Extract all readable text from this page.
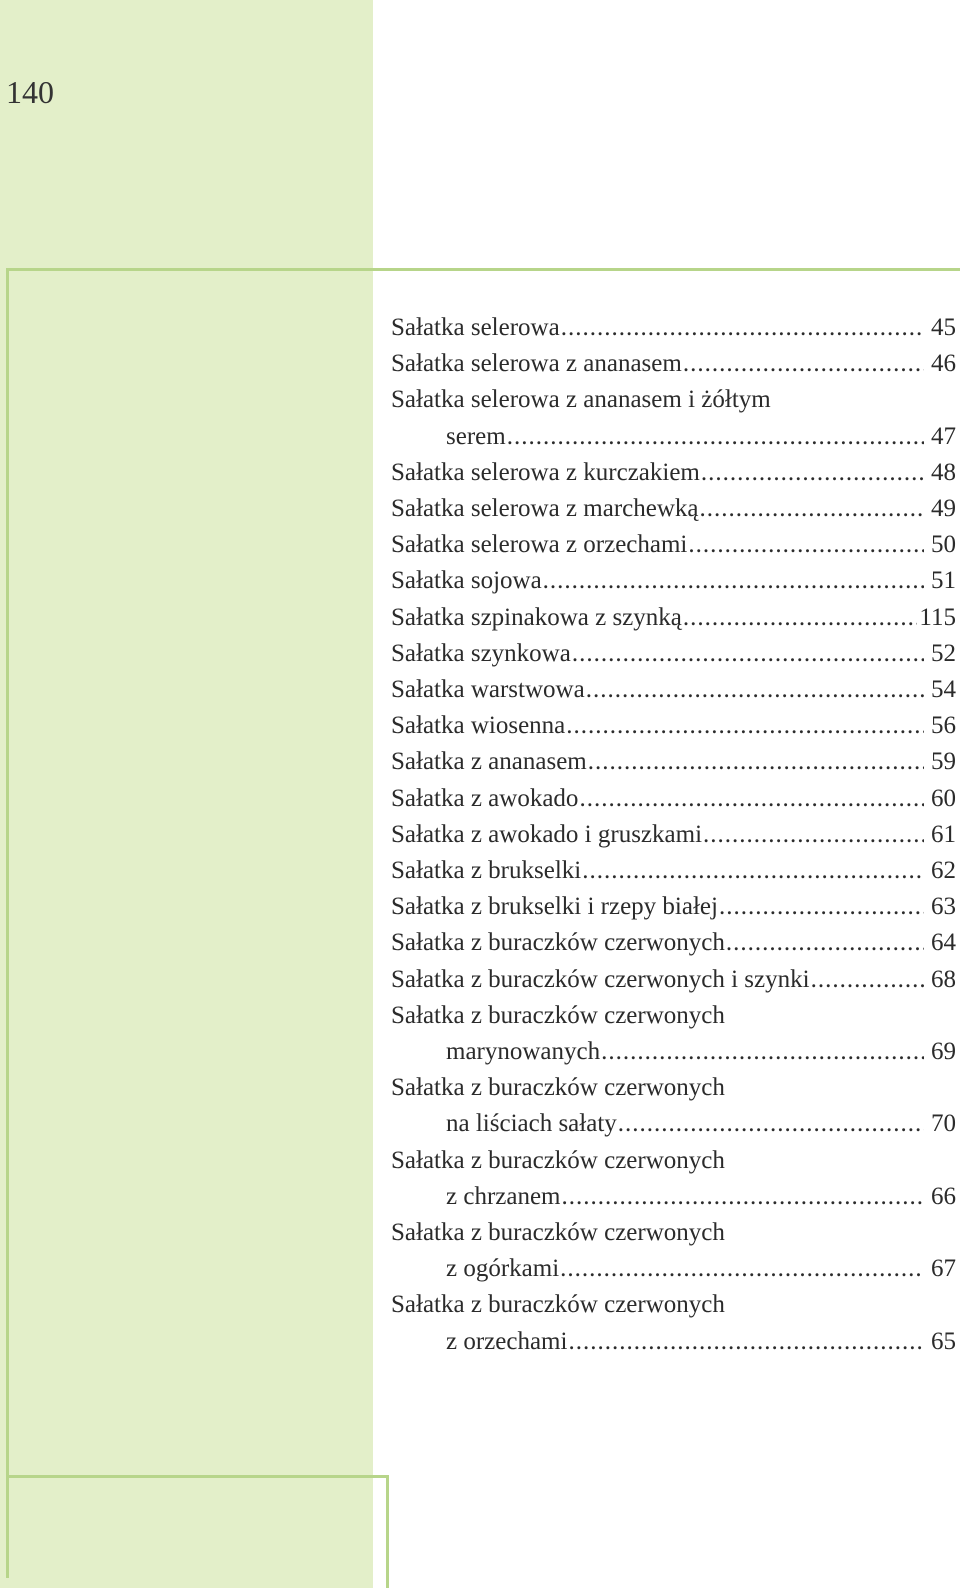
140
Sałatka selerowa .....	45
Sałatka selerowa z ananasem .....	46
Sałatka selerowa z ananasem i żółtym
serem .....	47
Sałatka selerowa z kurczakiem .....	48
Sałatka selerowa z marchewką .....	49
Sałatka selerowa z orzechami .....	50
Sałatka sojowa .....	51
Sałatka szpinakowa z szynką .....	115
Sałatka szynkowa .....	52
Sałatka warstwowa .....	54
Sałatka wiosenna .....	56
Sałatka z ananasem .....	59
Sałatka z awokado .....	60
Sałatka z awokado i gruszkami .....	61
Sałatka z brukselki .....	62
Sałatka z brukselki i rzepy białej .....	63
Sałatka z buraczków czerwonych .....	64
Sałatka z buraczków czerwonych i szynki .....	68
Sałatka z buraczków czerwonych
marynowanych .....	69
Sałatka z buraczków czerwonych
na liściach sałaty .....	70
Sałatka z buraczków czerwonych
z chrzanem .....	66
Sałatka z buraczków czerwonych
z ogórkami .....	67
Sałatka z buraczków czerwonych
z orzechami .....	65
